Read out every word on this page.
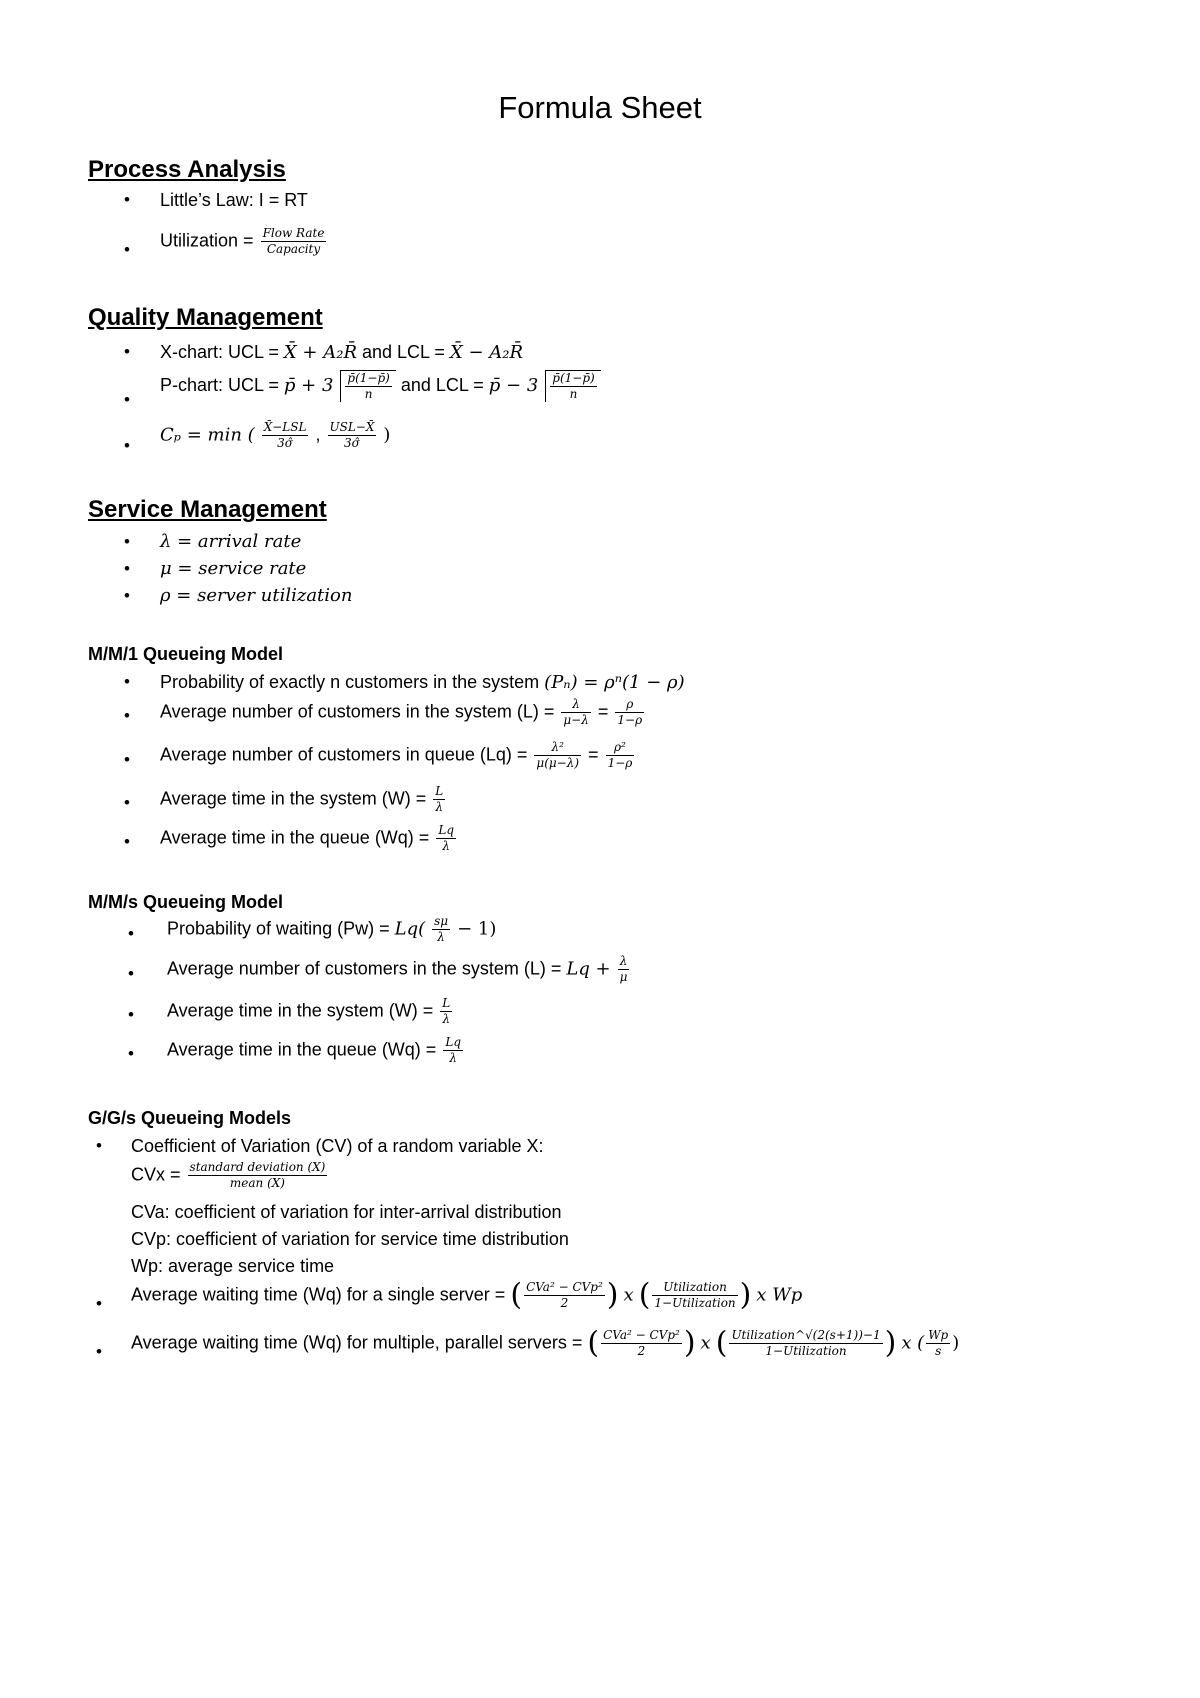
Formula Sheet
Process Analysis
• Little’s Law: I = RT
• Utilization = $\frac{\text{Flow Rate}}{\text{Capacity}}$
Quality Management
• X-chart: UCL = X̄ + A₂R̄ and LCL = X̄ − A₂R̄
•
P-chart: UCL = p̄ + $3 \frac{p̄(1-p̄)}{n}$ and LCL = p̄ − $3 \frac{p̄(1-p̄)}{n}$
•
Cₚ = min ( $\frac{\text{X̄−LSL}}{3\sigmâ}$ , $\frac{\text{USL−X̄}}{3\sigmâ}$ )
Service Management
• λ = arrival rate
• μ = service rate
• ρ = server utilization
M/M/1 Queueing Model
• Probability of exactly n customers in the system (Pₙ) = ρⁿ(1 − ρ)
• Average number of customers in the system $(L) = \frac{\lambda}{\mu-\lambda} = \frac{\rho}{1-\rho}$
• Average number of customers in queue $(Lq) = \frac{\text{λ²}}{\mu(\mu-\lambda)} = \frac{\text{ρ²}}{1-\rho}$
• Average time in the system $(W) = \frac{L}{\lambda}$
• Average time in the queue $(Wq) = \frac{Lq}{\lambda}$
M/M/s Queueing Model
• Probability of waiting $(Pw) = Lq( \frac{s\mu}{\lambda} - 1)$
• Average number of customers in the system $(L) = Lq + \frac{\lambda}{\mu}$
• Average time in the system $(W) = \frac{L}{\lambda}$
• Average time in the queue $(Wq) = \frac{Lq}{\lambda}$
G/G/s Queueing Models
• Coefficient of Variation (CV) of a random variable X:
CVx = $\frac{\text{standard deviation (X)}}{\text{mean (X)}}$
CVa: coefficient of variation for inter-arrival distribution
CVp: coefficient of variation for service time distribution
Wp: average service time
• Average waiting time (Wq) for a single server = ( $\frac{\text{CVa² − CVp²}}{2}$ ) x ( $\frac{\text{Utilization}}{\text{1−Utilization}}$ ) x Wp
• Average waiting time (Wq) for multiple, parallel servers = ( $\frac{\text{CVa² − CVp²}}{2}$ ) x ( $\frac{\text{Utilization\textasciicircum{}√(2(s+1))−1}}{\text{1−Utilization}}$ ) x ( $\frac{Wp}{s}$ )
